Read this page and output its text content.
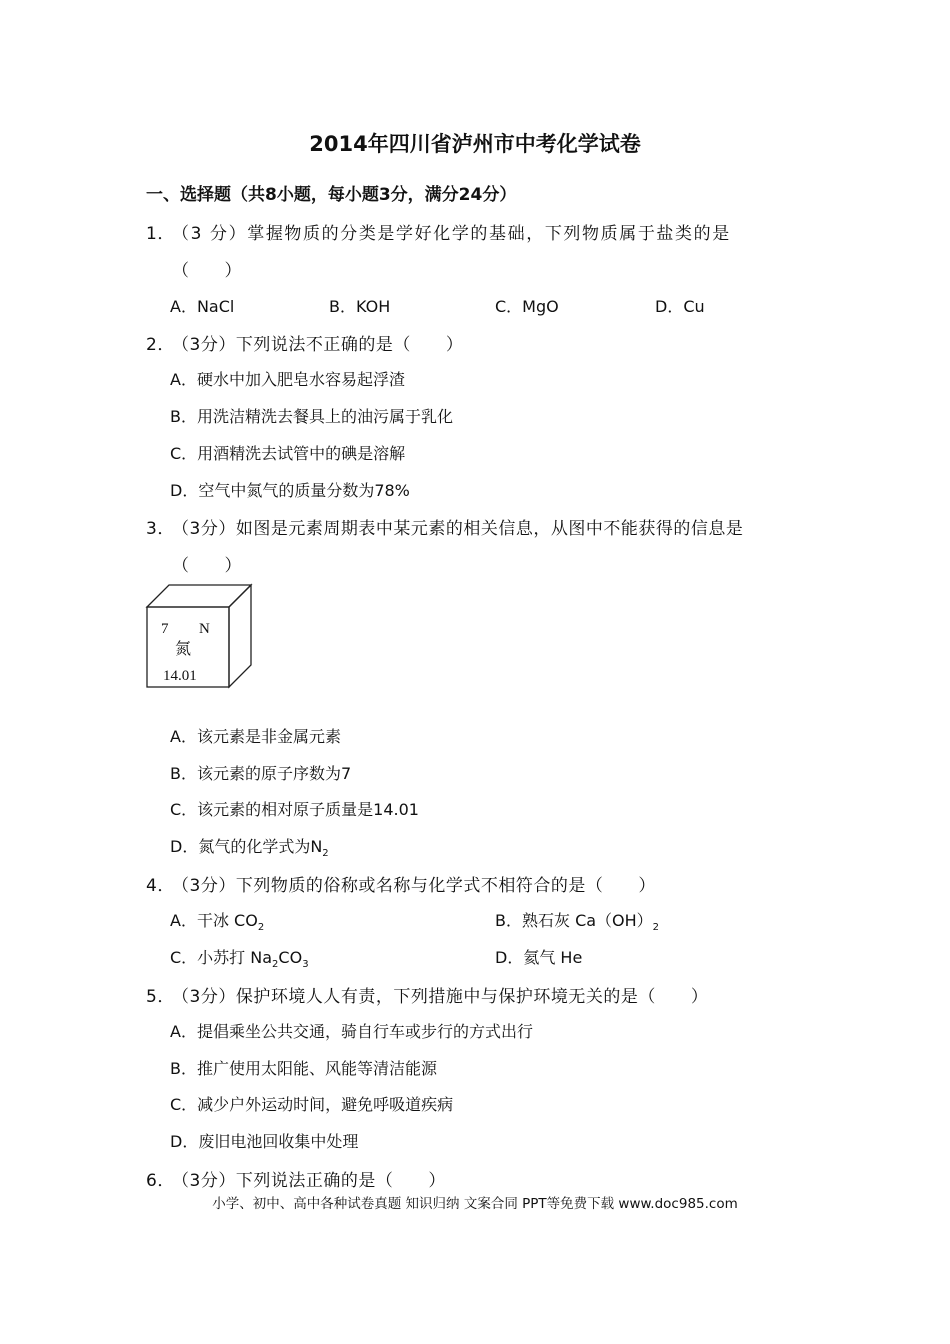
2014年四川省泸州市中考化学试卷
一、选择题（共8小题，每小题3分，满分24分）
1．
（3 分）掌握物质的分类是学好化学的基础，下列物质属于盐类的是
（　　）
A．NaCl	B．KOH	C．MgO	D．Cu
2．
（3分）下列说法不正确的是（　　）
A．硬水中加入肥皂水容易起浮渣
B．用洗洁精洗去餐具上的油污属于乳化
C．用酒精洗去试管中的碘是溶解
D．空气中氮气的质量分数为78%
3．
（3分）如图是元素周期表中某元素的相关信息，从图中不能获得的信息是
（　　）
7 N
氮
14.01
A．该元素是非金属元素
B．该元素的原子序数为7
C．该元素的相对原子质量是14.01
D．氮气的化学式为$N_2$
4．
（3分）下列物质的俗称或名称与化学式不相符合的是（　　）
A．干冰 $CO_2$	B．熟石灰 $Ca(OH)_2$
C．小苏打 $Na_2CO_3$	D．氦气 He
5．
（3分）保护环境人人有责，下列措施中与保护环境无关的是（　　）
A．提倡乘坐公共交通，骑自行车或步行的方式出行
B．推广使用太阳能、风能等清洁能源
C．减少户外运动时间，避免呼吸道疾病
D．废旧电池回收集中处理
6．
（3分）下列说法正确的是（　　）
小学、初中、高中各种试卷真题 知识归纳 文案合同 PPT等免费下载 www.doc985.com
